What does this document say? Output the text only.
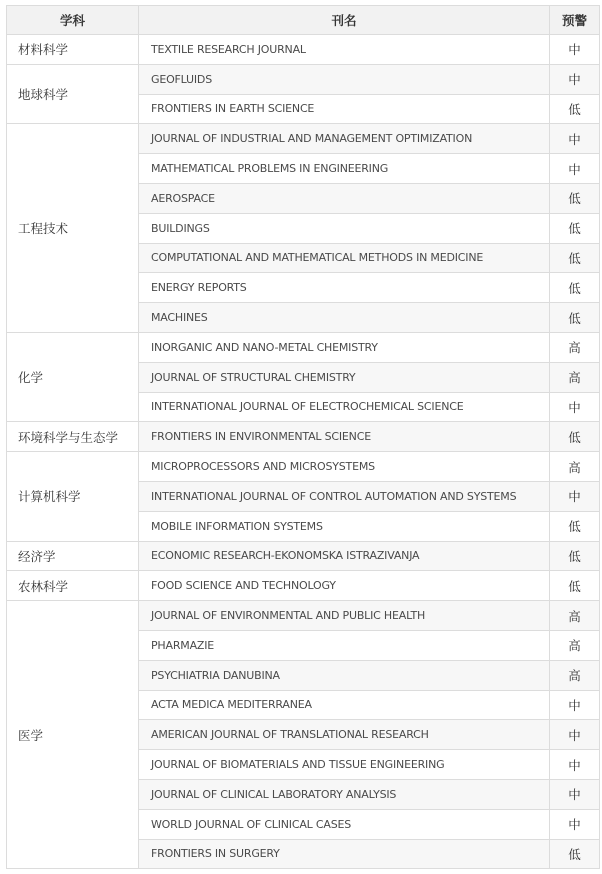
学科	刊名	预警
材料科学	TEXTILE RESEARCH JOURNAL	中
地球科学	GEOFLUIDS	中
	FRONTIERS IN EARTH SCIENCE	低
工程技术	JOURNAL OF INDUSTRIAL AND MANAGEMENT OPTIMIZATION	中
	MATHEMATICAL PROBLEMS IN ENGINEERING	中
	AEROSPACE	低
	BUILDINGS	低
	COMPUTATIONAL AND MATHEMATICAL METHODS IN MEDICINE	低
	ENERGY REPORTS	低
	MACHINES	低
化学	INORGANIC AND NANO-METAL CHEMISTRY	高
	JOURNAL OF STRUCTURAL CHEMISTRY	高
	INTERNATIONAL JOURNAL OF ELECTROCHEMICAL SCIENCE	中
环境科学与生态学	FRONTIERS IN ENVIRONMENTAL SCIENCE	低
计算机科学	MICROPROCESSORS AND MICROSYSTEMS	高
	INTERNATIONAL JOURNAL OF CONTROL AUTOMATION AND SYSTEMS	中
	MOBILE INFORMATION SYSTEMS	低
经济学	ECONOMIC RESEARCH-EKONOMSKA ISTRAZIVANJA	低
农林科学	FOOD SCIENCE AND TECHNOLOGY	低
医学	JOURNAL OF ENVIRONMENTAL AND PUBLIC HEALTH	高
	PHARMAZIE	高
	PSYCHIATRIA DANUBINA	高
	ACTA MEDICA MEDITERRANEA	中
	AMERICAN JOURNAL OF TRANSLATIONAL RESEARCH	中
	JOURNAL OF BIOMATERIALS AND TISSUE ENGINEERING	中
	JOURNAL OF CLINICAL LABORATORY ANALYSIS	中
	WORLD JOURNAL OF CLINICAL CASES	中
	FRONTIERS IN SURGERY	低
